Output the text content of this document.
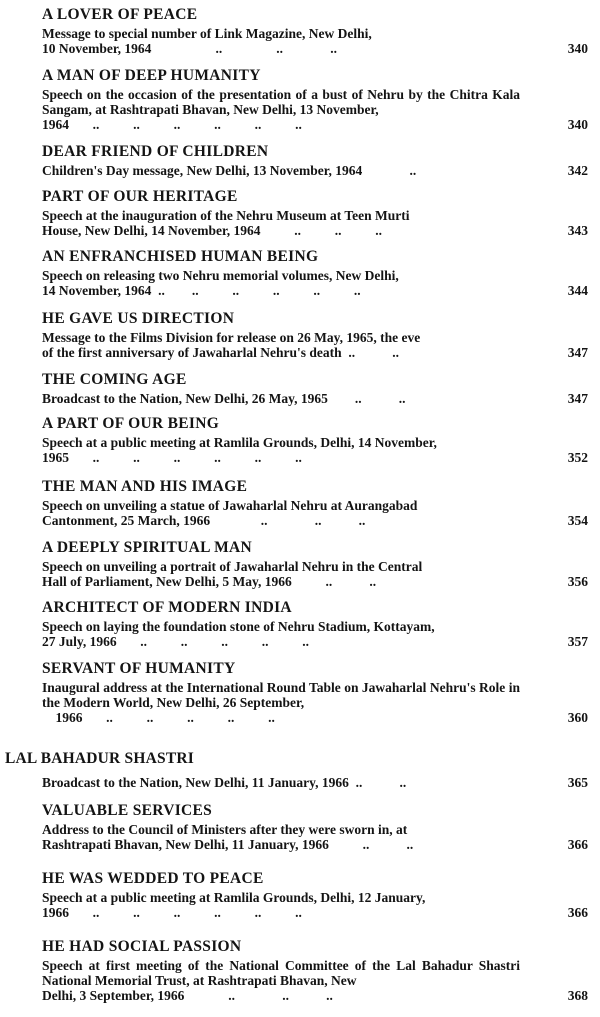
A LOVER OF PEACE
Message to special number of Link Magazine, New Delhi,
10 November, 1964                   ..                ..              ..	340
A MAN OF DEEP HUMANITY
Speech on the occasion of the presentation of a bust of Nehru by the Chitra Kala Sangam, at Rashtrapati Bhavan, New Delhi, 13 November,
1964       ..          ..          ..          ..          ..          ..	340
DEAR FRIEND OF CHILDREN
Children's Day message, New Delhi, 13 November, 1964              ..	342
PART OF OUR HERITAGE
Speech at the inauguration of the Nehru Museum at Teen Murti
House, New Delhi, 14 November, 1964          ..          ..          ..	343
AN ENFRANCHISED HUMAN BEING
Speech on releasing two Nehru memorial volumes, New Delhi,
14 November, 1964  ..        ..          ..          ..          ..          ..	344
HE GAVE US DIRECTION
Message to the Films Division for release on 26 May, 1965, the eve
of the first anniversary of Jawaharlal Nehru's death  ..           ..	347
THE COMING AGE
Broadcast to the Nation, New Delhi, 26 May, 1965        ..           ..	347
A PART OF OUR BEING
Speech at a public meeting at Ramlila Grounds, Delhi, 14 November,
1965       ..          ..          ..          ..          ..          ..	352
THE MAN AND HIS IMAGE
Speech on unveiling a statue of Jawaharlal Nehru at Aurangabad
Cantonment, 25 March, 1966               ..              ..           ..	354
A DEEPLY SPIRITUAL MAN
Speech on unveiling a portrait of Jawaharlal Nehru in the Central
Hall of Parliament, New Delhi, 5 May, 1966          ..           ..	356
ARCHITECT OF MODERN INDIA
Speech on laying the foundation stone of Nehru Stadium, Kottayam,
27 July, 1966       ..          ..          ..          ..          ..	357
SERVANT OF HUMANITY
Inaugural address at the International Round Table on Jawaharlal Nehru's Role in the Modern World, New Delhi, 26 September,
1966       ..          ..          ..          ..          ..	360
LAL BAHADUR SHASTRI
Broadcast to the Nation, New Delhi, 11 January, 1966  ..           ..	365
VALUABLE SERVICES
Address to the Council of Ministers after they were sworn in, at
Rashtrapati Bhavan, New Delhi, 11 January, 1966          ..           ..	366
HE WAS WEDDED TO PEACE
Speech at a public meeting at Ramlila Grounds, Delhi, 12 January,
1966       ..          ..          ..          ..          ..          ..	366
HE HAD SOCIAL PASSION
Speech at first meeting of the National Committee of the Lal Bahadur Shastri National Memorial Trust, at Rashtrapati Bhavan, New
Delhi, 3 September, 1966             ..              ..           ..	368
